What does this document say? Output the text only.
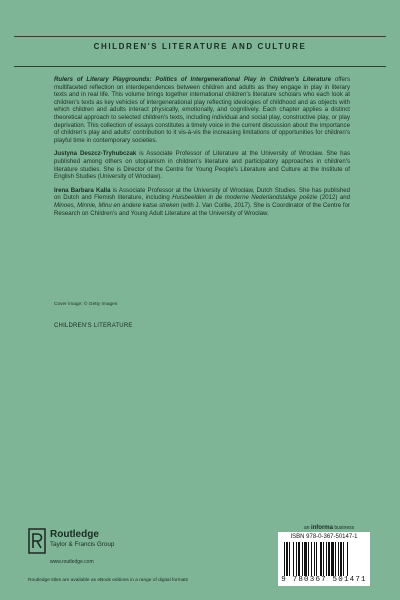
CHILDREN'S LITERATURE AND CULTURE

Rulers of Literary Playgrounds: Politics of Intergenerational Play in Children's Literature offers multifaceted reflection on interdependences between children and adults as they engage in play in literary texts and in real life. This volume brings together international children's literature scholars who each look at children's texts as key vehicles of intergenerational play reflecting ideologies of childhood and as objects with which children and adults interact physically, emotionally, and cognitively. Each chapter applies a distinct theoretical approach to selected children's texts, including individual and social play, constructive play, or play deprivation. This collection of essays constitutes a timely voice in the current discussion about the importance of children's play and adults' contribution to it vis-à-vis the increasing limitations of opportunities for children's playful time in contemporary societies.

Justyna Deszcz-Tryhubczak is Associate Professor of Literature at the University of Wrocław. She has published among others on utopianism in children's literature and participatory approaches in children's literature studies. She is Director of the Centre for Young People's Literature and Culture at the Institute of English Studies (University of Wrocław).

Irena Barbara Kalla is Associate Professor at the University of Wrocław, Dutch Studies. She has published on Dutch and Flemish literature, including Huisbeelden in de moderne Nederlandstalige poëzie (2012) and Minoes, Minnie, Minu en andere katse streken (with J. Van Coillie, 2017). She is Coordinator of the Centre for Research on Children's and Young Adult Literature at the University of Wrocław.

Cover image: © Getty Images
CHILDREN'S LITERATURE
Routledge
Taylor & Francis Group
www.routledge.com
Routledge titles are available as eBook editions in a range of digital formats
an informa business
ISBN 978-0-367-50147-1
9 780367 501471
